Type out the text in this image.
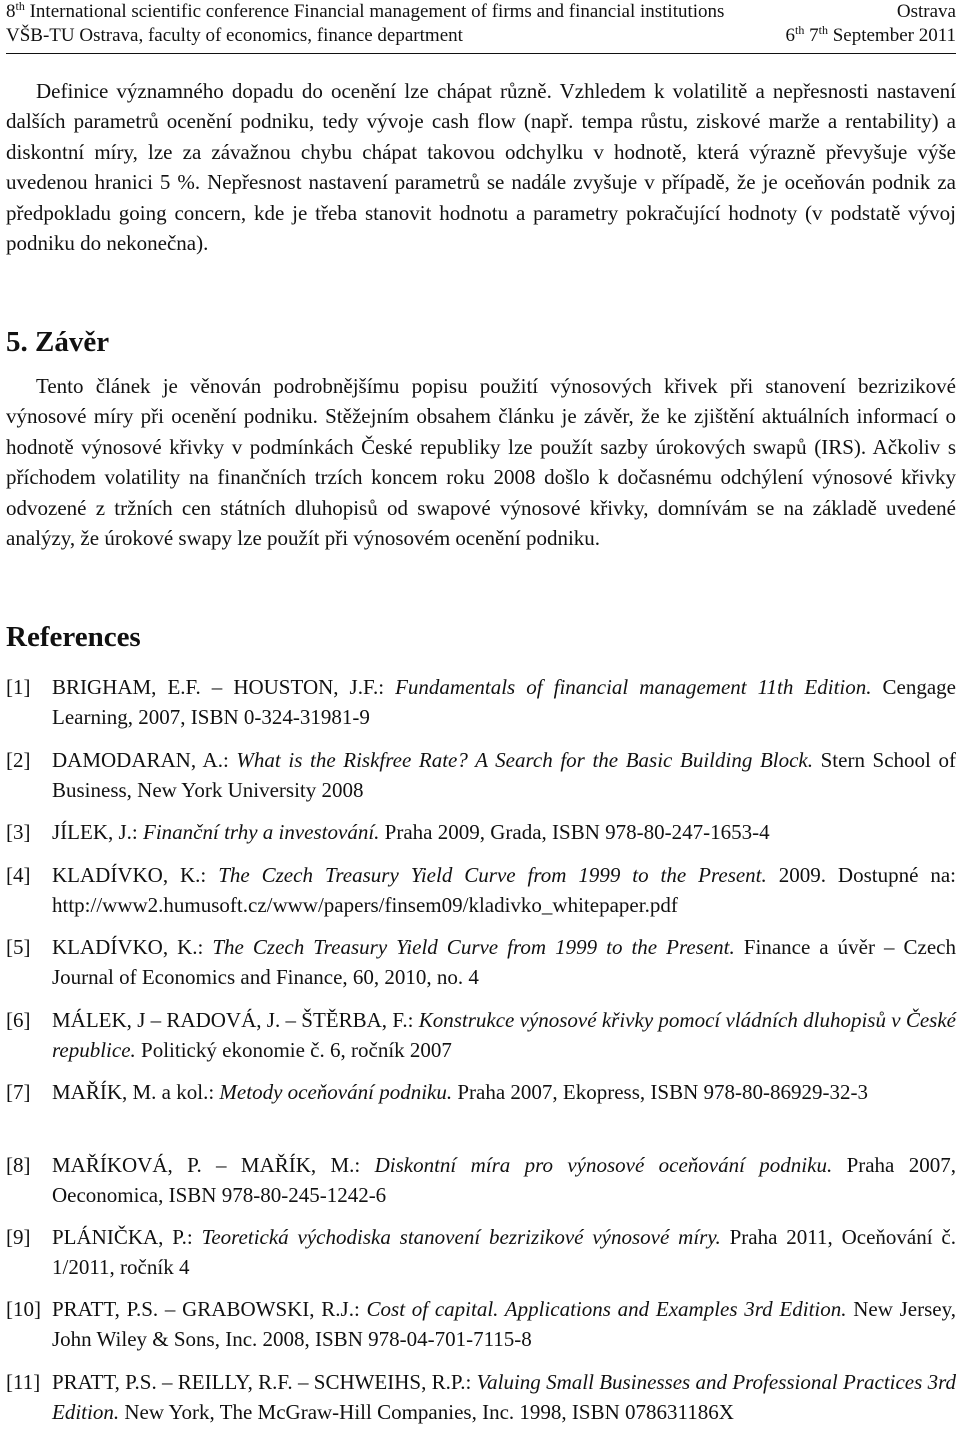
8th International scientific conference Financial management of firms and financial institutions	Ostrava
VŠB-TU Ostrava, faculty of economics, finance department	6th 7th September 2011

Definice významného dopadu do ocenění lze chápat různě. Vzhledem k volatilitě a nepřesnosti nastavení dalších parametrů ocenění podniku, tedy vývoje cash flow (např. tempa růstu, ziskové marže a rentability) a diskontní míry, lze za závažnou chybu chápat takovou odchylku v hodnotě, která výrazně převyšuje výše uvedenou hranici 5 %. Nepřesnost nastavení parametrů se nadále zvyšuje v případě, že je oceňován podnik za předpokladu going concern, kde je třeba stanovit hodnotu a parametry pokračující hodnoty (v podstatě vývoj podniku do nekonečna).

5. Závěr

Tento článek je věnován podrobnějšímu popisu použití výnosových křivek při stanovení bezrizikové výnosové míry při ocenění podniku. Stěžejním obsahem článku je závěr, že ke zjištění aktuálních informací o hodnotě výnosové křivky v podmínkách České republiky lze použít sazby úrokových swapů (IRS). Ačkoliv s příchodem volatility na finančních trzích koncem roku 2008 došlo k dočasnému odchýlení výnosové křivky odvozené z tržních cen státních dluhopisů od swapové výnosové křivky, domnívám se na základě uvedené analýzy, že úrokové swapy lze použít při výnosovém ocenění podniku.

References
[1]	BRIGHAM, E.F. – HOUSTON, J.F.: Fundamentals of financial management 11th Edition. Cengage Learning, 2007, ISBN 0-324-31981-9
[2]	DAMODARAN, A.: What is the Riskfree Rate? A Search for the Basic Building Block. Stern School of Business, New York University 2008
[3]	JÍLEK, J.: Finanční trhy a investování. Praha 2009, Grada, ISBN 978-80-247-1653-4
[4]	KLADÍVKO, K.: The Czech Treasury Yield Curve from 1999 to the Present. 2009. Dostupné na: http://www2.humusoft.cz/www/papers/finsem09/kladivko_whitepaper.pdf
[5]	KLADÍVKO, K.: The Czech Treasury Yield Curve from 1999 to the Present. Finance a úvěr – Czech Journal of Economics and Finance, 60, 2010, no. 4
[6]	MÁLEK, J – RADOVÁ, J. – ŠTĚRBA, F.: Konstrukce výnosové křivky pomocí vládních dluhopisů v České republice. Politický ekonomie č. 6, ročník 2007
[7]	MAŘÍK, M. a kol.: Metody oceňování podniku. Praha 2007, Ekopress, ISBN 978-80-86929-32-3
[8]	MAŘÍKOVÁ, P. – MAŘÍK, M.: Diskontní míra pro výnosové oceňování podniku. Praha 2007, Oeconomica, ISBN 978-80-245-1242-6
[9]	PLÁNIČKA, P.: Teoretická východiska stanovení bezrizikové výnosové míry. Praha 2011, Oceňování č. 1/2011, ročník 4
[10] PRATT, P.S. – GRABOWSKI, R.J.: Cost of capital. Applications and Examples 3rd Edition. New Jersey, John Wiley & Sons, Inc. 2008, ISBN 978-04-701-7115-8
[11] PRATT, P.S. – REILLY, R.F. – SCHWEIHS, R.P.: Valuing Small Businesses and Professional Practices 3rd Edition. New York, The McGraw-Hill Companies, Inc. 1998, ISBN 078631186X
